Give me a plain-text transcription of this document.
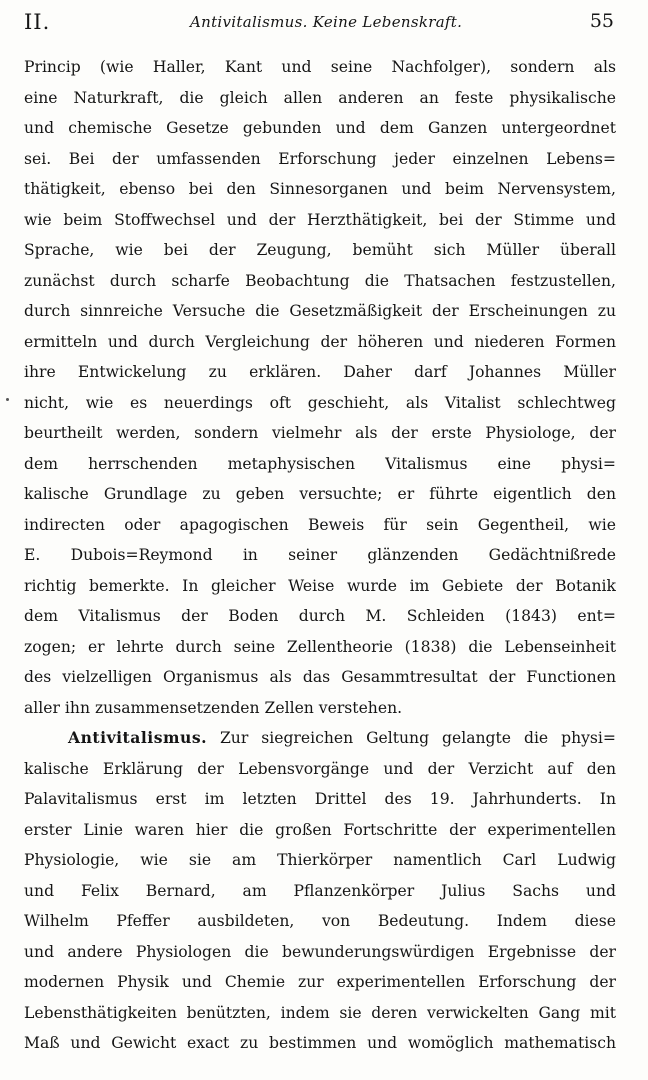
II.	Antivitalismus. Keine Lebenskraft.	55
Princip (wie Haller, Kant und seine Nachfolger), sondern als
eine Naturkraft, die gleich allen anderen an feste physikalische
und chemische Gesetze gebunden und dem Ganzen untergeordnet
sei. Bei der umfassenden Erforschung jeder einzelnen Lebens=
thätigkeit, ebenso bei den Sinnesorganen und beim Nervensystem,
wie beim Stoffwechsel und der Herzthätigkeit, bei der Stimme und
Sprache, wie bei der Zeugung, bemüht sich Müller überall
zunächst durch scharfe Beobachtung die Thatsachen festzustellen,
durch sinnreiche Versuche die Gesetzmäßigkeit der Erscheinungen zu
ermitteln und durch Vergleichung der höheren und niederen Formen
ihre Entwickelung zu erklären. Daher darf Johannes Müller
nicht, wie es neuerdings oft geschieht, als Vitalist schlechtweg
beurtheilt werden, sondern vielmehr als der erste Physiologe, der
dem herrschenden metaphysischen Vitalismus eine physi=
kalische Grundlage zu geben versuchte; er führte eigentlich den
indirecten oder apagogischen Beweis für sein Gegentheil, wie
E. Dubois=Reymond in seiner glänzenden Gedächtnißrede
richtig bemerkte. In gleicher Weise wurde im Gebiete der Botanik
dem Vitalismus der Boden durch M. Schleiden (1843) ent=
zogen; er lehrte durch seine Zellentheorie (1838) die Lebenseinheit
des vielzelligen Organismus als das Gesammtresultat der Functionen
aller ihn zusammensetzenden Zellen verstehen.
Antivitalismus. Zur siegreichen Geltung gelangte die physi=
kalische Erklärung der Lebensvorgänge und der Verzicht auf den
Palavitalismus erst im letzten Drittel des 19. Jahrhunderts. In
erster Linie waren hier die großen Fortschritte der experimentellen
Physiologie, wie sie am Thierkörper namentlich Carl Ludwig
und Felix Bernard, am Pflanzenkörper Julius Sachs und
Wilhelm Pfeffer ausbildeten, von Bedeutung. Indem diese
und andere Physiologen die bewunderungswürdigen Ergebnisse der
modernen Physik und Chemie zur experimentellen Erforschung der
Lebensthätigkeiten benützten, indem sie deren verwickelten Gang mit
Maß und Gewicht exact zu bestimmen und womöglich mathematisch
